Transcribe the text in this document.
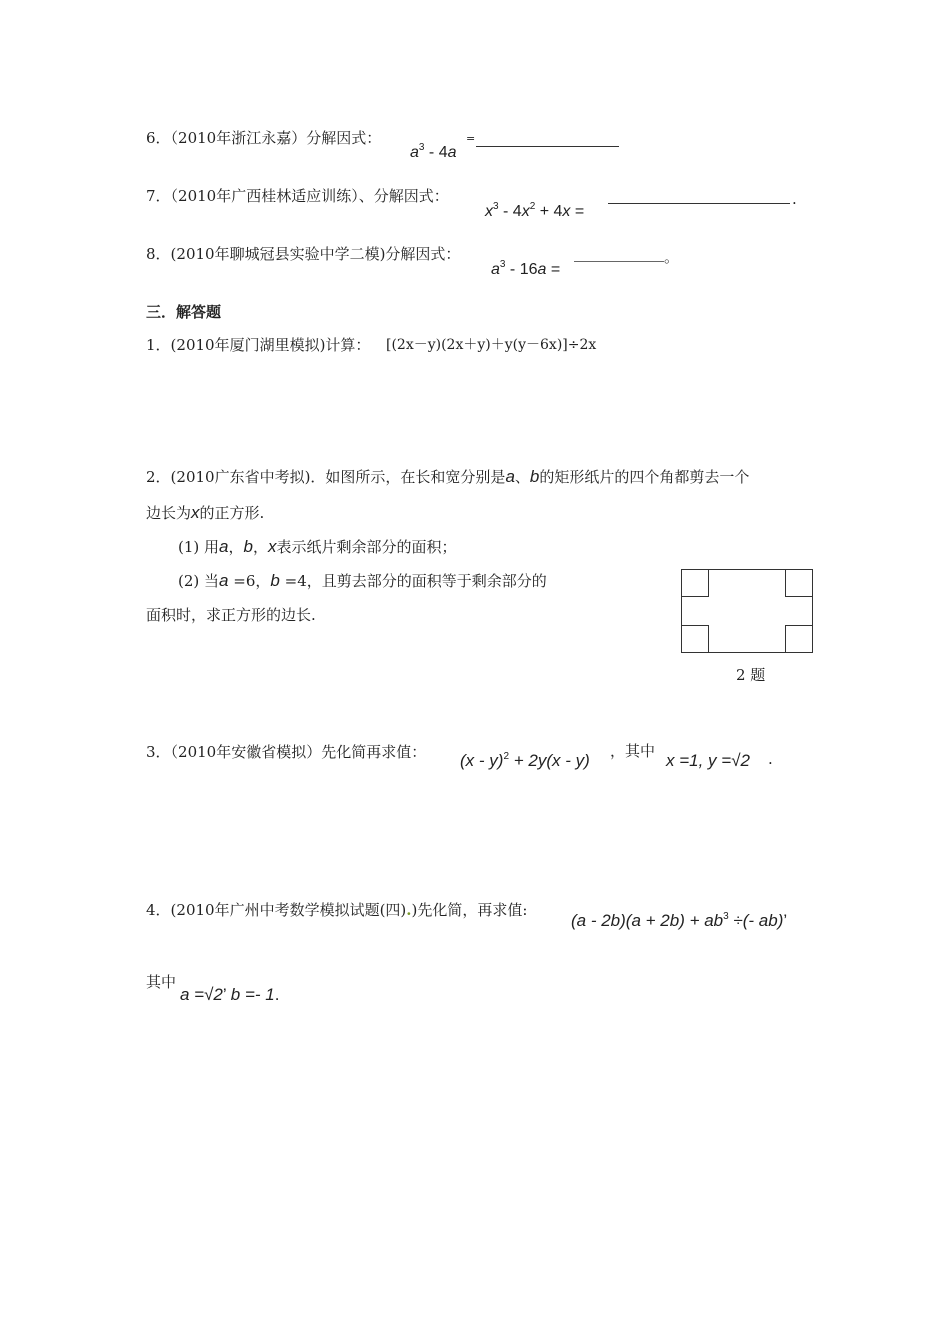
6．（2010年浙江永嘉）分解因式：
$a^3 - 4a$
=
7．（2010年广西桂林适应训练）、分解因式：
$x^3 - 4x^2 + 4x$ =
.
8．(2010年聊城冠县实验中学二模)分解因式：
$a^3 - 16a$ =
。
三．解答题
1．(2010年厦门湖里模拟)计算： [(2x－y)(2x＋y)＋y(y－6x)]÷2x
2．(2010广东省中考拟)．如图所示，在长和宽分别是a、b的矩形纸片的四个角都剪去一个
边长为x的正方形.
(1) 用a，b，x表示纸片剩余部分的面积；
(2) 当a =6，b =4，且剪去部分的面积等于剩余部分的
面积时，求正方形的边长.
2 题
3．（2010年安徽省模拟）先化简再求值： (x - y)$^2$ + 2y(x - y) ，其中 x =1, y =√2 .
4．(2010年广州中考数学模拟试题(四).)先化简，再求值:
$(a - 2b)(a + 2b) + ab^3$ ÷(- ab)’
其中
a =√2’ b =- 1.
